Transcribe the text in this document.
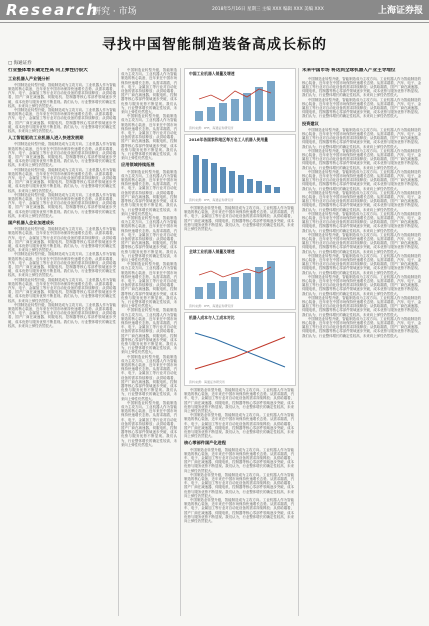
Research
研究 · 市场	2018年5月16日 星期三 主编 XXX 编辑 XXX 美编 XXX	上海证券报
寻找中国智能制造装备高成长标的
□ 海通证券
行业整体增长确定性高 向上弹性仍很大
工业机器人产业链分析
中国制造业转型升级，智能制造成为主攻方向。工业机器人作为智能制造的核心装备，近年来在中国市场保持快速增长态势。从需求端看，汽车、电子、金属加工等行业对自动化设备的需求持续释放；从供给端看，国产厂商在减速器、伺服电机、控制器等核心零部件领域逐步突破，成本优势与服务优势不断显现。我们认为，行业整体增长的确定性较高，未来向上弹性仍然很大。
中国制造业转型升级，智能制造成为主攻方向。工业机器人作为智能制造的核心装备，近年来在中国市场保持快速增长态势。从需求端看，汽车、电子、金属加工等行业对自动化设备的需求持续释放；从供给端看，国产厂商在减速器、伺服电机、控制器等核心零部件领域逐步突破，成本优势与服务优势不断显现。我们认为，行业整体增长的确定性较高，未来向上弹性仍然很大。
人工智能驱动工业机器人进入快速发展期
中国制造业转型升级，智能制造成为主攻方向。工业机器人作为智能制造的核心装备，近年来在中国市场保持快速增长态势。从需求端看，汽车、电子、金属加工等行业对自动化设备的需求持续释放；从供给端看，国产厂商在减速器、伺服电机、控制器等核心零部件领域逐步突破，成本优势与服务优势不断显现。我们认为，行业整体增长的确定性较高，未来向上弹性仍然很大。
中国制造业转型升级，智能制造成为主攻方向。工业机器人作为智能制造的核心装备，近年来在中国市场保持快速增长态势。从需求端看，汽车、电子、金属加工等行业对自动化设备的需求持续释放；从供给端看，国产厂商在减速器、伺服电机、控制器等核心零部件领域逐步突破，成本优势与服务优势不断显现。我们认为，行业整体增长的确定性较高，未来向上弹性仍然很大。
中国制造业转型升级，智能制造成为主攻方向。工业机器人作为智能制造的核心装备，近年来在中国市场保持快速增长态势。从需求端看，汽车、电子、金属加工等行业对自动化设备的需求持续释放；从供给端看，国产厂商在减速器、伺服电机、控制器等核心零部件领域逐步突破，成本优势与服务优势不断显现。我们认为，行业整体增长的确定性较高，未来向上弹性仍然很大。
国产机器人企业加速成长
中国制造业转型升级，智能制造成为主攻方向。工业机器人作为智能制造的核心装备，近年来在中国市场保持快速增长态势。从需求端看，汽车、电子、金属加工等行业对自动化设备的需求持续释放；从供给端看，国产厂商在减速器、伺服电机、控制器等核心零部件领域逐步突破，成本优势与服务优势不断显现。我们认为，行业整体增长的确定性较高，未来向上弹性仍然很大。
中国制造业转型升级，智能制造成为主攻方向。工业机器人作为智能制造的核心装备，近年来在中国市场保持快速增长态势。从需求端看，汽车、电子、金属加工等行业对自动化设备的需求持续释放；从供给端看，国产厂商在减速器、伺服电机、控制器等核心零部件领域逐步突破，成本优势与服务优势不断显现。我们认为，行业整体增长的确定性较高，未来向上弹性仍然很大。
中国制造业转型升级，智能制造成为主攻方向。工业机器人作为智能制造的核心装备，近年来在中国市场保持快速增长态势。从需求端看，汽车、电子、金属加工等行业对自动化设备的需求持续释放；从供给端看，国产厂商在减速器、伺服电机、控制器等核心零部件领域逐步突破，成本优势与服务优势不断显现。我们认为，行业整体增长的确定性较高，未来向上弹性仍然很大。
中国制造业转型升级，智能制造成为主攻方向。工业机器人作为智能制造的核心装备，近年来在中国市场保持快速增长态势。从需求端看，汽车、电子、金属加工等行业对自动化设备的需求持续释放；从供给端看，国产厂商在减速器、伺服电机、控制器等核心零部件领域逐步突破，成本优势与服务优势不断显现。我们认为，行业整体增长的确定性较高，未来向上弹性仍然很大。
中国制造业转型升级，智能制造成为主攻方向。工业机器人作为智能制造的核心装备，近年来在中国市场保持快速增长态势。从需求端看，汽车、电子、金属加工等行业对自动化设备的需求持续释放；从供给端看，国产厂商在减速器、伺服电机、控制器等核心零部件领域逐步突破，成本优势与服务优势不断显现。我们认为，行业整体增长的确定性较高，未来向上弹性仍然很大。
中国制造业转型升级，智能制造成为主攻方向。工业机器人作为智能制造的核心装备，近年来在中国市场保持快速增长态势。从需求端看，汽车、电子、金属加工等行业对自动化设备的需求持续释放；从供给端看，国产厂商在减速器、伺服电机、控制器等核心零部件领域逐步突破，成本优势与服务优势不断显现。我们认为，行业整体增长的确定性较高，未来向上弹性仍然很大。
应用领域持续拓展
中国制造业转型升级，智能制造成为主攻方向。工业机器人作为智能制造的核心装备，近年来在中国市场保持快速增长态势。从需求端看，汽车、电子、金属加工等行业对自动化设备的需求持续释放；从供给端看，国产厂商在减速器、伺服电机、控制器等核心零部件领域逐步突破，成本优势与服务优势不断显现。我们认为，行业整体增长的确定性较高，未来向上弹性仍然很大。
中国制造业转型升级，智能制造成为主攻方向。工业机器人作为智能制造的核心装备，近年来在中国市场保持快速增长态势。从需求端看，汽车、电子、金属加工等行业对自动化设备的需求持续释放；从供给端看，国产厂商在减速器、伺服电机、控制器等核心零部件领域逐步突破，成本优势与服务优势不断显现。我们认为，行业整体增长的确定性较高，未来向上弹性仍然很大。
中国制造业转型升级，智能制造成为主攻方向。工业机器人作为智能制造的核心装备，近年来在中国市场保持快速增长态势。从需求端看，汽车、电子、金属加工等行业对自动化设备的需求持续释放；从供给端看，国产厂商在减速器、伺服电机、控制器等核心零部件领域逐步突破，成本优势与服务优势不断显现。我们认为，行业整体增长的确定性较高，未来向上弹性仍然很大。
中国制造业转型升级，智能制造成为主攻方向。工业机器人作为智能制造的核心装备，近年来在中国市场保持快速增长态势。从需求端看，汽车、电子、金属加工等行业对自动化设备的需求持续释放；从供给端看，国产厂商在减速器、伺服电机、控制器等核心零部件领域逐步突破，成本优势与服务优势不断显现。我们认为，行业整体增长的确定性较高，未来向上弹性仍然很大。
中国制造业转型升级，智能制造成为主攻方向。工业机器人作为智能制造的核心装备，近年来在中国市场保持快速增长态势。从需求端看，汽车、电子、金属加工等行业对自动化设备的需求持续释放；从供给端看，国产厂商在减速器、伺服电机、控制器等核心零部件领域逐步突破，成本优势与服务优势不断显现。我们认为，行业整体增长的确定性较高，未来向上弹性仍然很大。
中国制造业转型升级，智能制造成为主攻方向。工业机器人作为智能制造的核心装备，近年来在中国市场保持快速增长态势。从需求端看，汽车、电子、金属加工等行业对自动化设备的需求持续释放；从供给端看，国产厂商在减速器、伺服电机、控制器等核心零部件领域逐步突破，成本优势与服务优势不断显现。我们认为，行业整体增长的确定性较高，未来向上弹性仍然很大。
中国工业机器人销量及增速
资料来源：IFR，海通证券研究所
2016年各国家和地区每万名工人机器人使用量
资料来源：IFR，海通证券研究所
中国制造业转型升级，智能制造成为主攻方向。工业机器人作为智能制造的核心装备，近年来在中国市场保持快速增长态势。从需求端看，汽车、电子、金属加工等行业对自动化设备的需求持续释放；从供给端看，国产厂商在减速器、伺服电机、控制器等核心零部件领域逐步突破，成本优势与服务优势不断显现。我们认为，行业整体增长的确定性较高，未来向上弹性仍然很大。
全球工业机器人销量及增速
资料来源：IFR，海通证券研究所
机器人成本与人工成本对比
资料来源：海通证券研究所
中国制造业转型升级，智能制造成为主攻方向。工业机器人作为智能制造的核心装备，近年来在中国市场保持快速增长态势。从需求端看，汽车、电子、金属加工等行业对自动化设备的需求持续释放；从供给端看，国产厂商在减速器、伺服电机、控制器等核心零部件领域逐步突破，成本优势与服务优势不断显现。我们认为，行业整体增长的确定性较高，未来向上弹性仍然很大。
中国制造业转型升级，智能制造成为主攻方向。工业机器人作为智能制造的核心装备，近年来在中国市场保持快速增长态势。从需求端看，汽车、电子、金属加工等行业对自动化设备的需求持续释放；从供给端看，国产厂商在减速器、伺服电机、控制器等核心零部件领域逐步突破，成本优势与服务优势不断显现。我们认为，行业整体增长的确定性较高，未来向上弹性仍然很大。
核心零部件国产化进程
中国制造业转型升级，智能制造成为主攻方向。工业机器人作为智能制造的核心装备，近年来在中国市场保持快速增长态势。从需求端看，汽车、电子、金属加工等行业对自动化设备的需求持续释放；从供给端看，国产厂商在减速器、伺服电机、控制器等核心零部件领域逐步突破，成本优势与服务优势不断显现。我们认为，行业整体增长的确定性较高，未来向上弹性仍然很大。
中国制造业转型升级，智能制造成为主攻方向。工业机器人作为智能制造的核心装备，近年来在中国市场保持快速增长态势。从需求端看，汽车、电子、金属加工等行业对自动化设备的需求持续释放；从供给端看，国产厂商在减速器、伺服电机、控制器等核心零部件领域逐步突破，成本优势与服务优势不断显现。我们认为，行业整体增长的确定性较高，未来向上弹性仍然很大。
中国制造业转型升级，智能制造成为主攻方向。工业机器人作为智能制造的核心装备，近年来在中国市场保持快速增长态势。从需求端看，汽车、电子、金属加工等行业对自动化设备的需求持续释放；从供给端看，国产厂商在减速器、伺服电机、控制器等核心零部件领域逐步突破，成本优势与服务优势不断显现。我们认为，行业整体增长的确定性较高，未来向上弹性仍然很大。
未来中国市场 将达到全球机器人产业主导地位
中国制造业转型升级，智能制造成为主攻方向。工业机器人作为智能制造的核心装备，近年来在中国市场保持快速增长态势。从需求端看，汽车、电子、金属加工等行业对自动化设备的需求持续释放；从供给端看，国产厂商在减速器、伺服电机、控制器等核心零部件领域逐步突破，成本优势与服务优势不断显现。我们认为，行业整体增长的确定性较高，未来向上弹性仍然很大。
中国制造业转型升级，智能制造成为主攻方向。工业机器人作为智能制造的核心装备，近年来在中国市场保持快速增长态势。从需求端看，汽车、电子、金属加工等行业对自动化设备的需求持续释放；从供给端看，国产厂商在减速器、伺服电机、控制器等核心零部件领域逐步突破，成本优势与服务优势不断显现。我们认为，行业整体增长的确定性较高，未来向上弹性仍然很大。
投资建议
中国制造业转型升级，智能制造成为主攻方向。工业机器人作为智能制造的核心装备，近年来在中国市场保持快速增长态势。从需求端看，汽车、电子、金属加工等行业对自动化设备的需求持续释放；从供给端看，国产厂商在减速器、伺服电机、控制器等核心零部件领域逐步突破，成本优势与服务优势不断显现。我们认为，行业整体增长的确定性较高，未来向上弹性仍然很大。
中国制造业转型升级，智能制造成为主攻方向。工业机器人作为智能制造的核心装备，近年来在中国市场保持快速增长态势。从需求端看，汽车、电子、金属加工等行业对自动化设备的需求持续释放；从供给端看，国产厂商在减速器、伺服电机、控制器等核心零部件领域逐步突破，成本优势与服务优势不断显现。我们认为，行业整体增长的确定性较高，未来向上弹性仍然很大。
中国制造业转型升级，智能制造成为主攻方向。工业机器人作为智能制造的核心装备，近年来在中国市场保持快速增长态势。从需求端看，汽车、电子、金属加工等行业对自动化设备的需求持续释放；从供给端看，国产厂商在减速器、伺服电机、控制器等核心零部件领域逐步突破，成本优势与服务优势不断显现。我们认为，行业整体增长的确定性较高，未来向上弹性仍然很大。
中国制造业转型升级，智能制造成为主攻方向。工业机器人作为智能制造的核心装备，近年来在中国市场保持快速增长态势。从需求端看，汽车、电子、金属加工等行业对自动化设备的需求持续释放；从供给端看，国产厂商在减速器、伺服电机、控制器等核心零部件领域逐步突破，成本优势与服务优势不断显现。我们认为，行业整体增长的确定性较高，未来向上弹性仍然很大。
中国制造业转型升级，智能制造成为主攻方向。工业机器人作为智能制造的核心装备，近年来在中国市场保持快速增长态势。从需求端看，汽车、电子、金属加工等行业对自动化设备的需求持续释放；从供给端看，国产厂商在减速器、伺服电机、控制器等核心零部件领域逐步突破，成本优势与服务优势不断显现。我们认为，行业整体增长的确定性较高，未来向上弹性仍然很大。
中国制造业转型升级，智能制造成为主攻方向。工业机器人作为智能制造的核心装备，近年来在中国市场保持快速增长态势。从需求端看，汽车、电子、金属加工等行业对自动化设备的需求持续释放；从供给端看，国产厂商在减速器、伺服电机、控制器等核心零部件领域逐步突破，成本优势与服务优势不断显现。我们认为，行业整体增长的确定性较高，未来向上弹性仍然很大。
中国制造业转型升级，智能制造成为主攻方向。工业机器人作为智能制造的核心装备，近年来在中国市场保持快速增长态势。从需求端看，汽车、电子、金属加工等行业对自动化设备的需求持续释放；从供给端看，国产厂商在减速器、伺服电机、控制器等核心零部件领域逐步突破，成本优势与服务优势不断显现。我们认为，行业整体增长的确定性较高，未来向上弹性仍然很大。
中国制造业转型升级，智能制造成为主攻方向。工业机器人作为智能制造的核心装备，近年来在中国市场保持快速增长态势。从需求端看，汽车、电子、金属加工等行业对自动化设备的需求持续释放；从供给端看，国产厂商在减速器、伺服电机、控制器等核心零部件领域逐步突破，成本优势与服务优势不断显现。我们认为，行业整体增长的确定性较高，未来向上弹性仍然很大。
中国制造业转型升级，智能制造成为主攻方向。工业机器人作为智能制造的核心装备，近年来在中国市场保持快速增长态势。从需求端看，汽车、电子、金属加工等行业对自动化设备的需求持续释放；从供给端看，国产厂商在减速器、伺服电机、控制器等核心零部件领域逐步突破，成本优势与服务优势不断显现。我们认为，行业整体增长的确定性较高，未来向上弹性仍然很大。
中国制造业转型升级，智能制造成为主攻方向。工业机器人作为智能制造的核心装备，近年来在中国市场保持快速增长态势。从需求端看，汽车、电子、金属加工等行业对自动化设备的需求持续释放；从供给端看，国产厂商在减速器、伺服电机、控制器等核心零部件领域逐步突破，成本优势与服务优势不断显现。我们认为，行业整体增长的确定性较高，未来向上弹性仍然很大。
